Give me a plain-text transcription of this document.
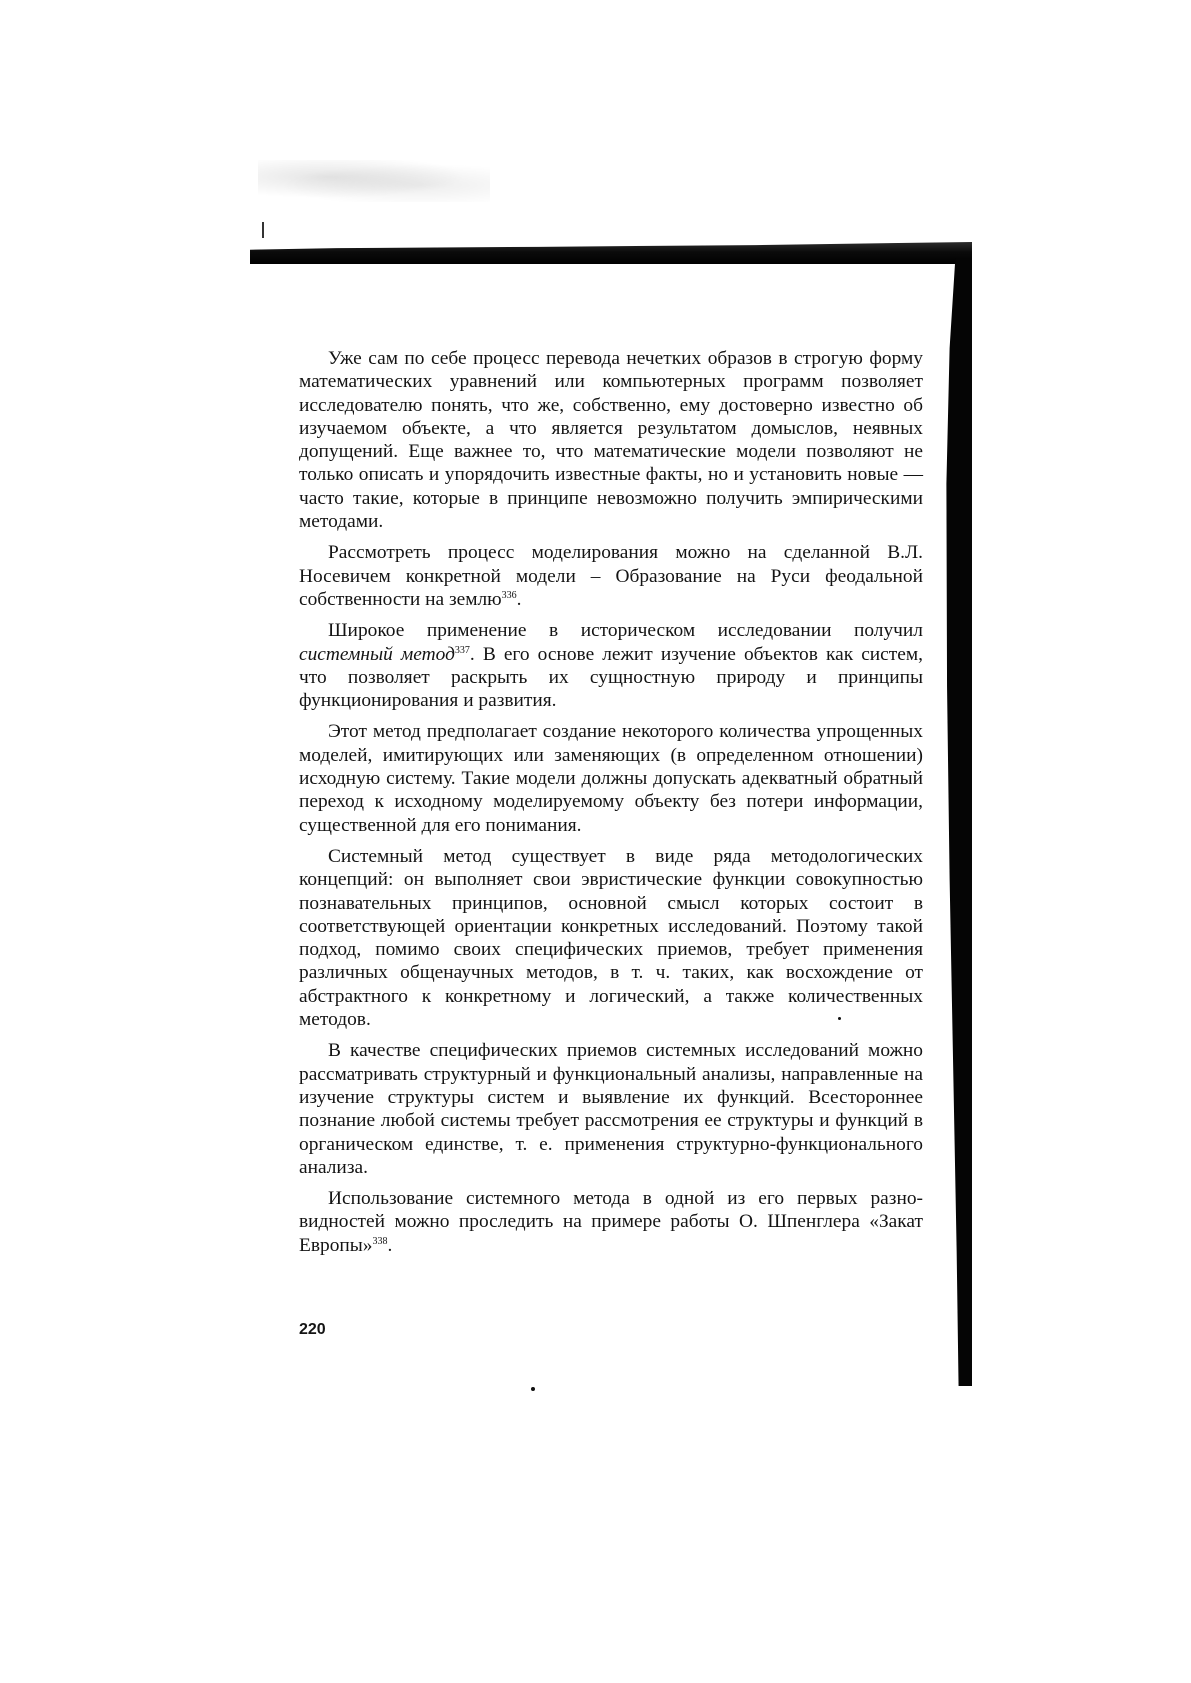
Уже сам по себе процесс перевода нечетких образов в строгую форму математических уравнений или компьютерных программ позволяет исследователю понять, что же, собственно, ему достоверно известно об изучаемом объекте, а что является результатом домыслов, неявных допущений. Еще важнее то, что математические модели позволяют не только описать и упорядочить известные факты, но и установить новые — часто такие, которые в принципе невозможно получить эмпирическими методами.

Рассмотреть процесс моделирования можно на сделанной В.Л. Носевичем конкретной модели – Образование на Руси феодальной собственности на землю$^{336}$.

Широкое применение в историческом исследовании получил системный метод$^{337}$. В его основе лежит изучение объектов как систем, что позволяет раскрыть их сущностную природу и принципы функционирования и развития.

Этот метод предполагает создание некоторого количества упрощенных моделей, имитирующих или заменяющих (в определенном отношении) исходную систему. Такие модели должны допускать адекватный обратный переход к исходному моделируемому объекту без потери информации, существенной для его понимания.

Системный метод существует в виде ряда методологических концепций: он выполняет свои эвристические функции совокупностью познавательных принципов, основной смысл которых состоит в соответствующей ориентации конкретных исследований. Поэтому такой подход, помимо своих специфических приемов, требует применения различных общенаучных методов, в т. ч. таких, как восхождение от абстрактного к конкретному и логический, а также количественных методов.

В качестве специфических приемов системных исследований можно рассматривать структурный и функциональный анализы, направленные на изучение структуры систем и выявление их функций. Всестороннее познание любой системы требует рассмотрения ее структуры и функций в органическом единстве, т. е. применения структурно-функционального анализа.

Использование системного метода в одной из его первых разновидностей можно проследить на примере работы О. Шпенглера «Закат Европы»$^{338}$.

220
